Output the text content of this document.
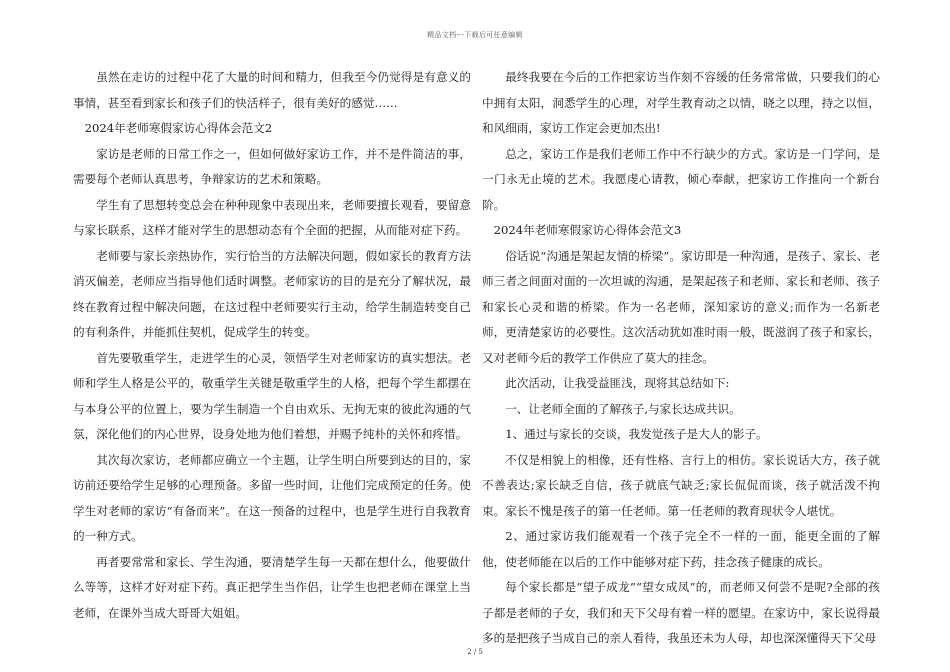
精品文档---下载后可任意编辑

虽然在走访的过程中花了大量的时间和精力，但我至今仍觉得是有意义的事情，甚至看到家长和孩子们的快活样子，很有美好的感觉……

2024年老师寒假家访心得体会范文2

家访是老师的日常工作之一，但如何做好家访工作，并不是件简洁的事，需要每个老师认真思考，争辩家访的艺术和策略。

学生有了思想转变总会在种种现象中表现出来，老师要擅长观看，要留意与家长联系，这样才能对学生的思想动态有个全面的把握，从而能对症下药。

老师要与家长亲热协作，实行恰当的方法解决问题，假如家长的教育方法消灭偏差，老师应当指导他们适时调整。老师家访的目的是充分了解状况，最终在教育过程中解决问题，在这过程中老师要实行主动，给学生制造转变自己的有利条件，并能抓住契机，促成学生的转变。

首先要敬重学生，走进学生的心灵，领悟学生对老师家访的真实想法。老师和学生人格是公平的，敬重学生关键是敬重学生的人格，把每个学生都摆在与本身公平的位置上，要为学生制造一个自由欢乐、无拘无束的彼此沟通的气氛，深化他们的内心世界，设身处地为他们着想，并赐予纯朴的关怀和疼惜。

其次每次家访，老师都应确立一个主题，让学生明白所要到达的目的，家访前还要给学生足够的心理预备。多留一些时间，让他们完成预定的任务。使学生对老师的家访“有备而来”。在这一预备的过程中，也是学生进行自我教育的一种方式。

再者要常常和家长、学生沟通，要清楚学生每一天都在想什么，他要做什么等等，这样才好对症下药。真正把学生当作侣，让学生也把老师在课堂上当老师，在课外当成大哥哥大姐姐。

最终我要在今后的工作把家访当作刻不容缓的任务常常做，只要我们的心中拥有太阳，洞悉学生的心理，对学生教育动之以情，晓之以理，持之以恒，和风细雨，家访工作定会更加杰出!

总之，家访工作是我们老师工作中不行缺少的方式。家访是一门学问，是一门永无止境的艺术。我愿虔心请教，倾心奉献，把家访工作推向一个新台阶。

2024年老师寒假家访心得体会范文3

俗话说“沟通是架起友情的桥梁”。家访即是一种沟通，是孩子、家长、老师三者之间面对面的一次坦诚的沟通，是架起孩子和老师、家长和老师、孩子和家长心灵和谐的桥梁。作为一名老师，深知家访的意义;而作为一名新老师，更清楚家访的必要性。这次活动犹如准时雨一般，既滋润了孩子和家长，又对老师今后的教学工作供应了莫大的挂念。

此次活动，让我受益匪浅，现将其总结如下:

一、让老师全面的了解孩子,与家长达成共识。

1、通过与家长的交谈，我发觉孩子是大人的影子。

不仅是相貌上的相像，还有性格、言行上的相仿。家长说话大方，孩子就不善表达;家长缺乏自信，孩子就底气缺乏;家长侃侃而谈，孩子就活泼不拘束。家长不愧是孩子的第一任老师。第一任老师的教育现状令人堪忧。

2、通过家访我们能观看一个孩子完全不一样的一面，能更全面的了解他，使老师能在以后的工作中能够对症下药，挂念孩子健康的成长。

每个家长都是“望子成龙”“望女成凤”的，而老师又何尝不是呢?全部的孩子都是老师的子女，我们和天下父母有着一样的愿望。在家访中，家长说得最多的是把孩子当成自己的亲人看待，我虽还未为人母，却也深深懂得天下父母

2 / 5
